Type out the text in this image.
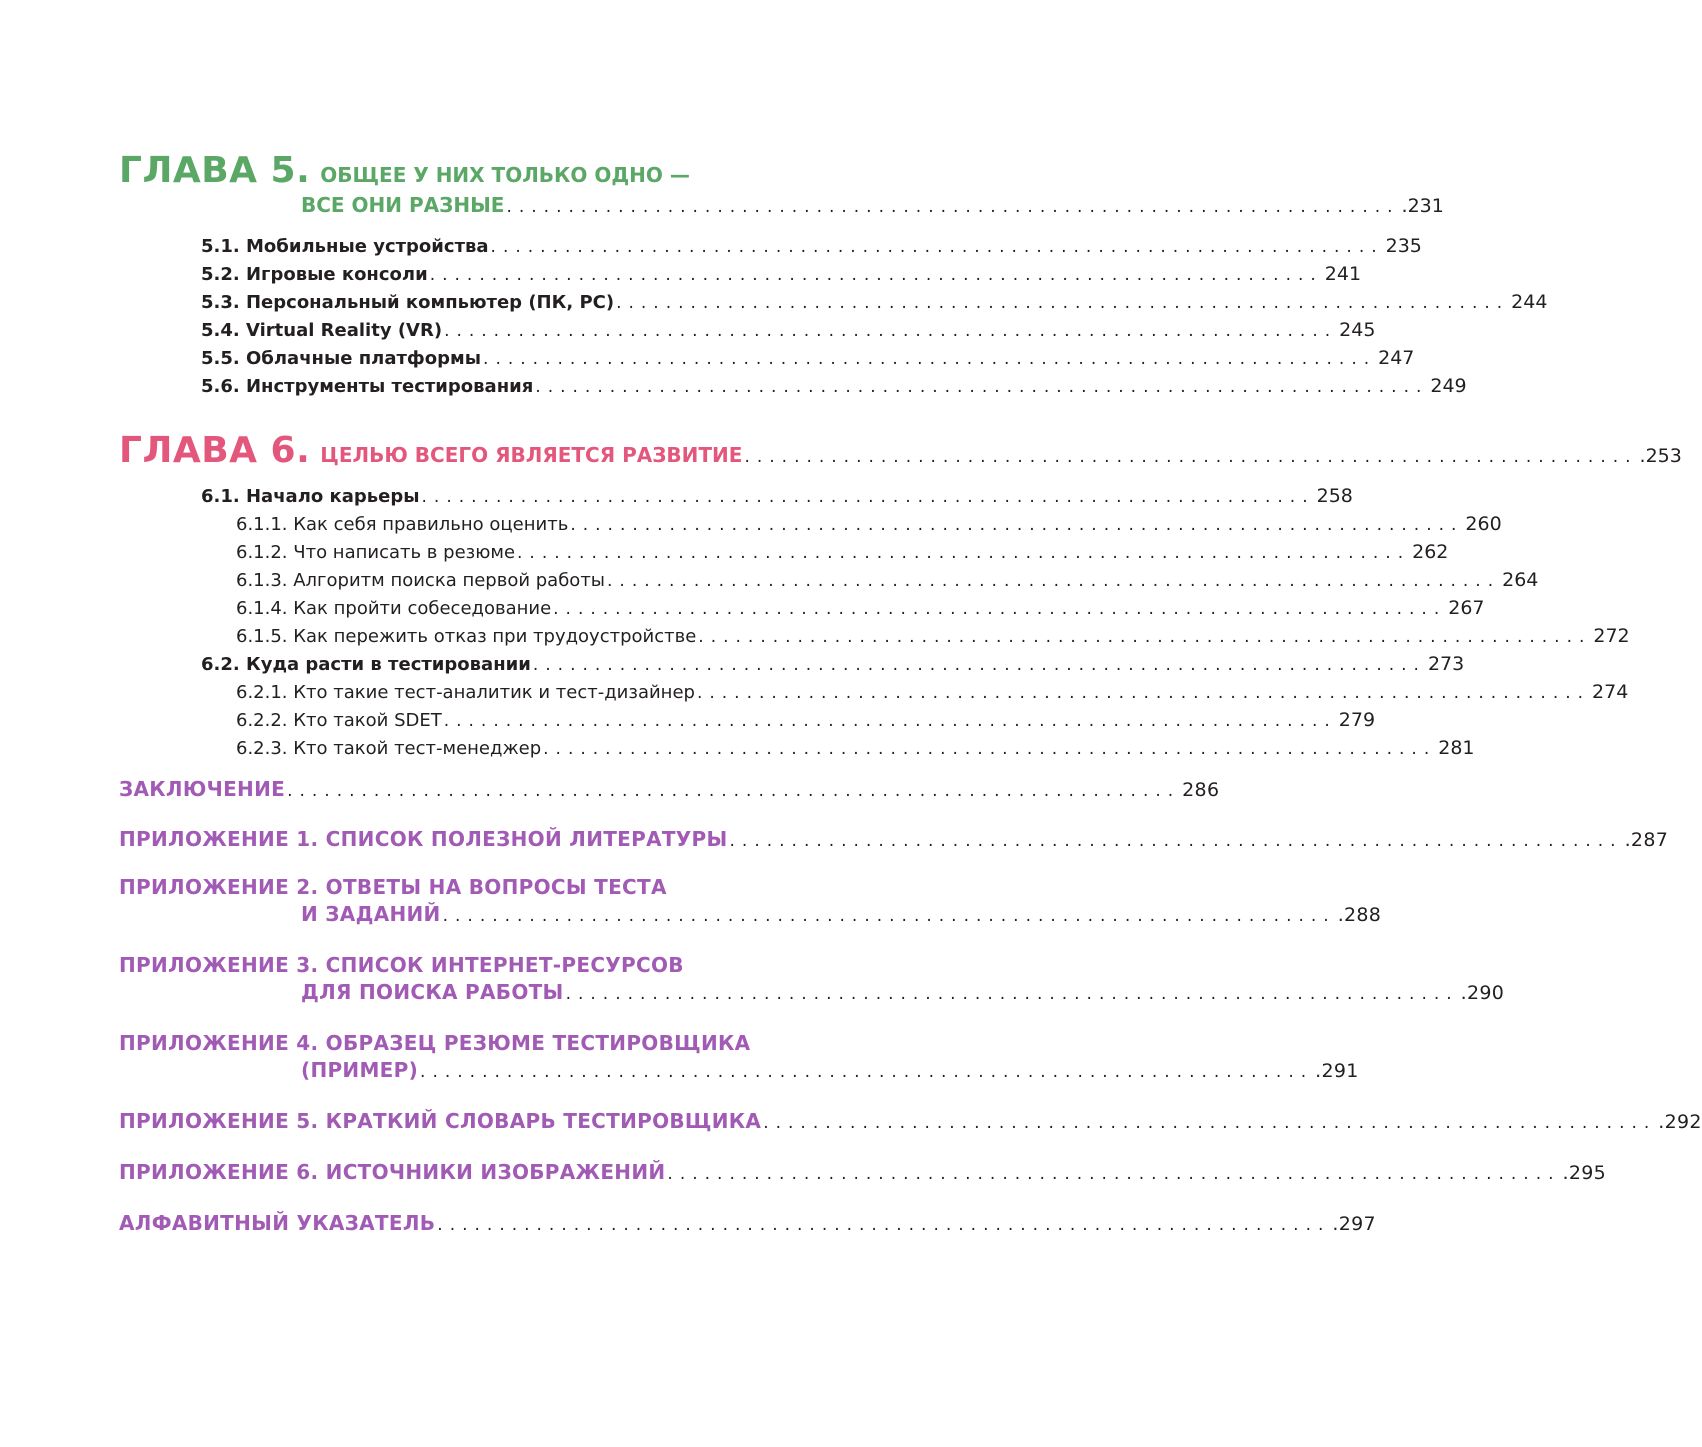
ГЛАВА 5. ОБЩЕЕ У НИХ ТОЛЬКО ОДНО —
ВСЕ ОНИ РАЗНЫЕ ........................................................................ .231
5.1. Мобильные устройства ........................................................................ 235
5.2. Игровые консоли ........................................................................ 241
5.3. Персональный компьютер (ПК, PC) ........................................................................ 244
5.4. Virtual Reality (VR) ........................................................................ 245
5.5. Облачные платформы ........................................................................ 247
5.6. Инструменты тестирования ........................................................................ 249
ГЛАВА 6. ЦЕЛЬЮ ВСЕГО ЯВЛЯЕТСЯ РАЗВИТИЕ ........................................................................ .253
6.1. Начало карьеры ........................................................................ 258
6.1.1. Как себя правильно оценить ........................................................................ 260
6.1.2. Что написать в резюме ........................................................................ 262
6.1.3. Алгоритм поиска первой работы ........................................................................ 264
6.1.4. Как пройти собеседование ........................................................................ 267
6.1.5. Как пережить отказ при трудоустройстве ........................................................................ 272
6.2. Куда расти в тестировании ........................................................................ 273
6.2.1. Кто такие тест-аналитик и тест-дизайнер ........................................................................ 274
6.2.2. Кто такой SDET ........................................................................ 279
6.2.3. Кто такой тест-менеджер ........................................................................ 281
ЗАКЛЮЧЕНИЕ ........................................................................ 286
ПРИЛОЖЕНИЕ 1. СПИСОК ПОЛЕЗНОЙ ЛИТЕРАТУРЫ ........................................................................ .287
ПРИЛОЖЕНИЕ 2. ОТВЕТЫ НА ВОПРОСЫ ТЕСТА
И ЗАДАНИЙ ........................................................................ .288
ПРИЛОЖЕНИЕ 3. СПИСОК ИНТЕРНЕТ-РЕСУРСОВ
ДЛЯ ПОИСКА РАБОТЫ ........................................................................ .290
ПРИЛОЖЕНИЕ 4. ОБРАЗЕЦ РЕЗЮМЕ ТЕСТИРОВЩИКА
(ПРИМЕР) ........................................................................ .291
ПРИЛОЖЕНИЕ 5. КРАТКИЙ СЛОВАРЬ ТЕСТИРОВЩИКА ........................................................................ .292
ПРИЛОЖЕНИЕ 6. ИСТОЧНИКИ ИЗОБРАЖЕНИЙ ........................................................................ .295
АЛФАВИТНЫЙ УКАЗАТЕЛЬ ........................................................................ .297
